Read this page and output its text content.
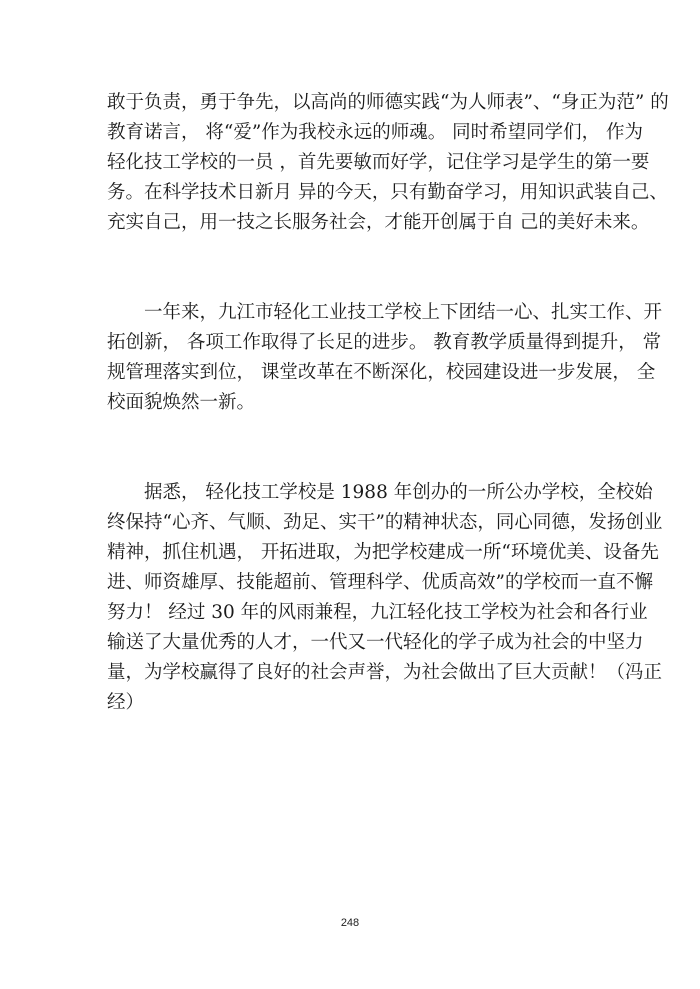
敢于负责，勇于争先，以高尚的师德实践“为人师表”、“身正为范” 的
教育诺言， 将“爱”作为我校永远的师魂。 同时希望同学们， 作为
轻化技工学校的一员 ，首先要敏而好学，记住学习是学生的第一要
务。在科学技术日新月 异的今天，只有勤奋学习，用知识武装自己、
充实自己，用一技之长服务社会，才能开创属于自 己的美好未来。

　　一年来，九江市轻化工业技工学校上下团结一心、扎实工作、开
拓创新， 各项工作取得了长足的进步。 教育教学质量得到提升， 常
规管理落实到位， 课堂改革在不断深化，校园建设进一步发展， 全
校面貌焕然一新。

　　据悉， 轻化技工学校是 1988 年创办的一所公办学校，全校始
终保持“心齐、气顺、劲足、实干”的精神状态，同心同德，发扬创业
精神，抓住机遇， 开拓进取，为把学校建成一所“环境优美、设备先
进、师资雄厚、技能超前、管理科学、优质高效”的学校而一直不懈
努力！ 经过 30 年的风雨兼程，九江轻化技工学校为社会和各行业
输送了大量优秀的人才，一代又一代轻化的学子成为社会的中坚力
量，为学校赢得了良好的社会声誉，为社会做出了巨大贡献！（冯正
经）

248
